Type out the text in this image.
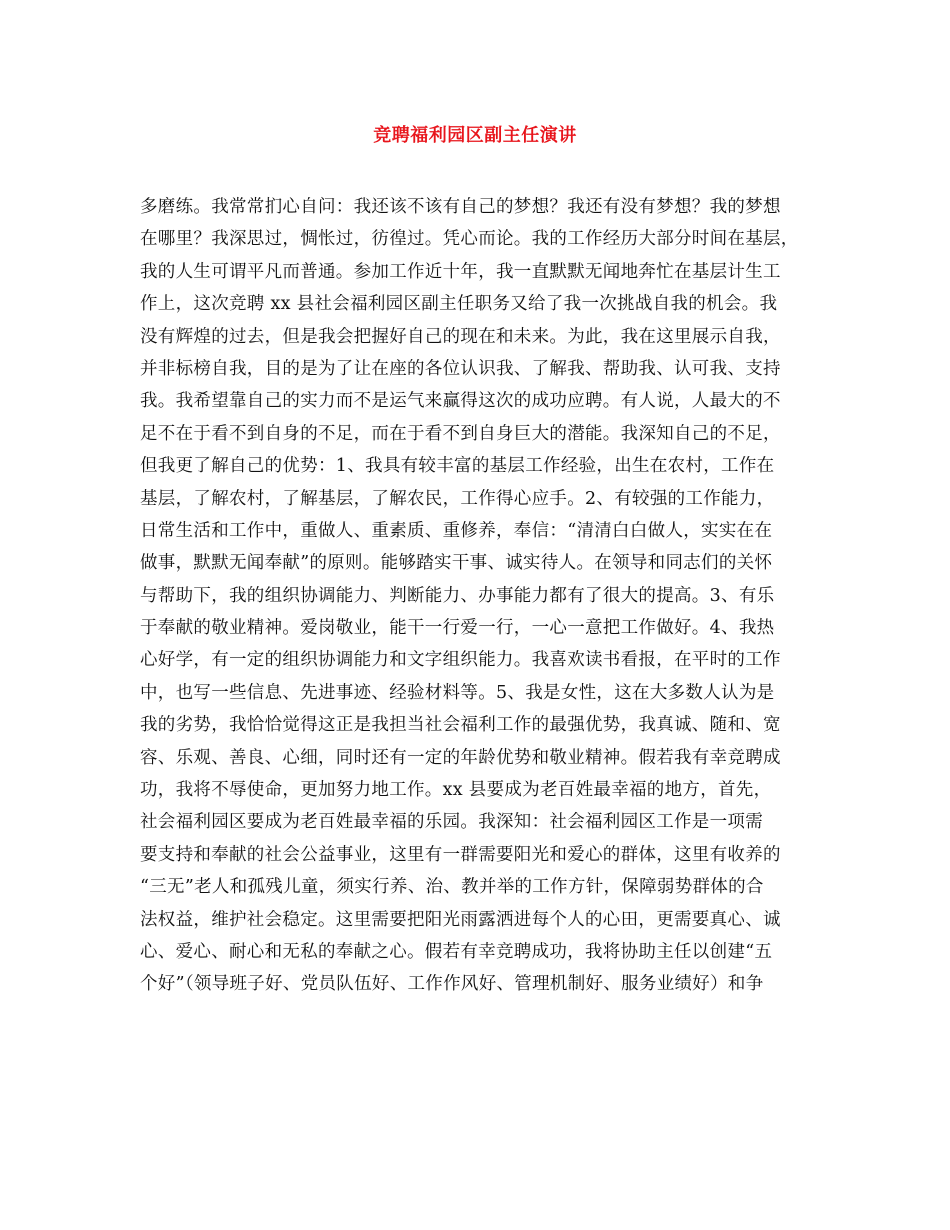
竞聘福利园区副主任演讲
多磨练。我常常扪心自问：我还该不该有自己的梦想？我还有没有梦想？我的梦想
在哪里？我深思过，惆怅过，彷徨过。凭心而论。我的工作经历大部分时间在基层，
我的人生可谓平凡而普通。参加工作近十年，我一直默默无闻地奔忙在基层计生工
作上，这次竞聘 xx 县社会福利园区副主任职务又给了我一次挑战自我的机会。我
没有辉煌的过去，但是我会把握好自己的现在和未来。为此，我在这里展示自我，
并非标榜自我，目的是为了让在座的各位认识我、了解我、帮助我、认可我、支持
我。我希望靠自己的实力而不是运气来赢得这次的成功应聘。有人说，人最大的不
足不在于看不到自身的不足，而在于看不到自身巨大的潜能。我深知自己的不足，
但我更了解自己的优势：1、我具有较丰富的基层工作经验，出生在农村，工作在
基层，了解农村，了解基层，了解农民，工作得心应手。2、有较强的工作能力，
日常生活和工作中，重做人、重素质、重修养，奉信：“清清白白做人，实实在在
做事，默默无闻奉献”的原则。能够踏实干事、诚实待人。在领导和同志们的关怀
与帮助下，我的组织协调能力、判断能力、办事能力都有了很大的提高。3、有乐
于奉献的敬业精神。爱岗敬业，能干一行爱一行，一心一意把工作做好。4、我热
心好学，有一定的组织协调能力和文字组织能力。我喜欢读书看报，在平时的工作
中，也写一些信息、先进事迹、经验材料等。5、我是女性，这在大多数人认为是
我的劣势，我恰恰觉得这正是我担当社会福利工作的最强优势，我真诚、随和、宽
容、乐观、善良、心细，同时还有一定的年龄优势和敬业精神。假若我有幸竞聘成
功，我将不辱使命，更加努力地工作。xx 县要成为老百姓最幸福的地方，首先，
社会福利园区要成为老百姓最幸福的乐园。我深知：社会福利园区工作是一项需
要支持和奉献的社会公益事业，这里有一群需要阳光和爱心的群体，这里有收养的
“三无”老人和孤残儿童，须实行养、治、教并举的工作方针，保障弱势群体的合
法权益，维护社会稳定。这里需要把阳光雨露洒进每个人的心田，更需要真心、诚
心、爱心、耐心和无私的奉献之心。假若有幸竞聘成功，我将协助主任以创建“五
个好”（领导班子好、党员队伍好、工作作风好、管理机制好、服务业绩好）和争
